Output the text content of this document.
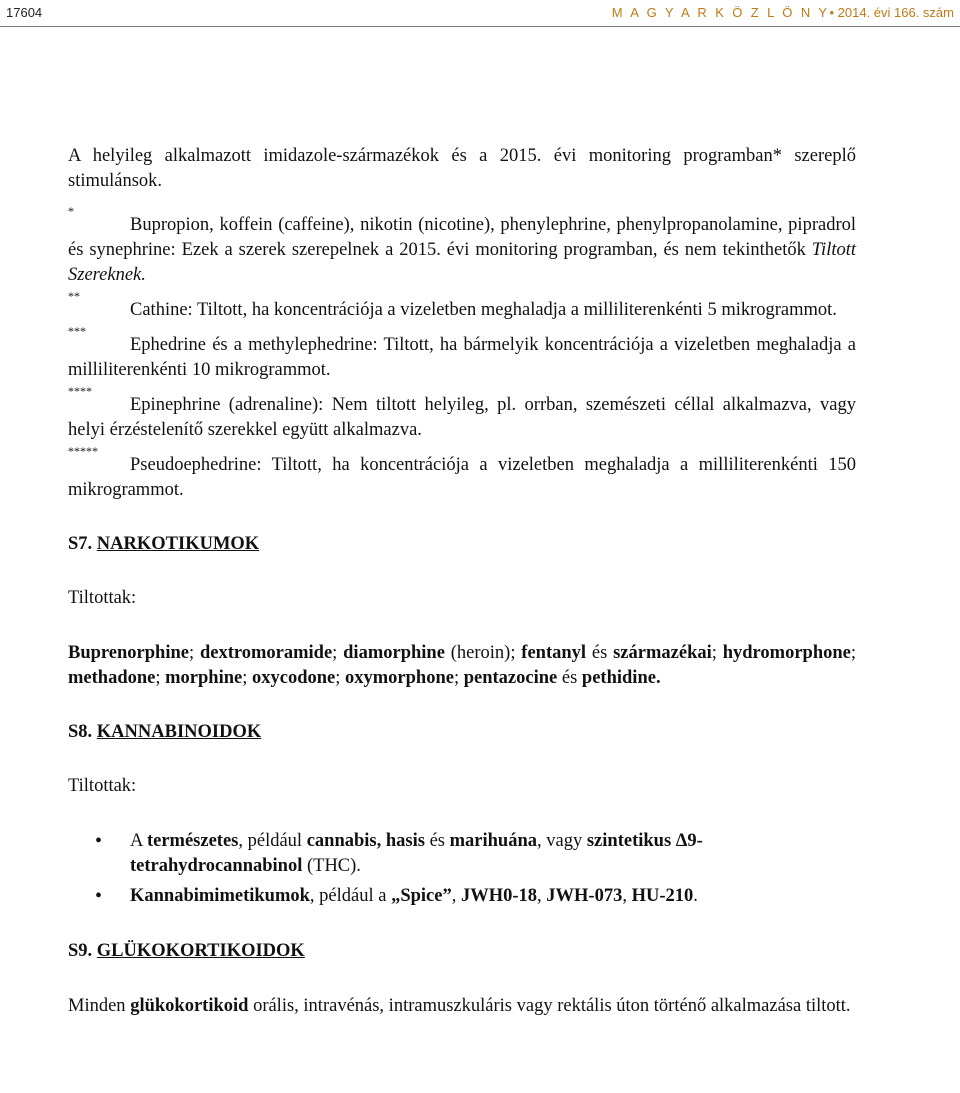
17604	M A G Y A R K Ö Z L Ö N Y• 2014. évi 166. szám

A helyileg alkalmazott imidazole-származékok és a 2015. évi monitoring programban* szereplő stimulánsok.

*
Bupropion, koffein (caffeine), nikotin (nicotine), phenylephrine, phenylpropanolamine, pipradrol és synephrine: Ezek a szerek szerepelnek a 2015. évi monitoring programban, és nem tekinthetők Tiltott Szereknek.

**
Cathine: Tiltott, ha koncentrációja a vizeletben meghaladja a milliliterenkénti 5 mikrogrammot.

***
Ephedrine és a methylephedrine: Tiltott, ha bármelyik koncentrációja a vizeletben meghaladja a milliliterenkénti 10 mikrogrammot.

****
Epinephrine (adrenaline): Nem tiltott helyileg, pl. orrban, szemészeti céllal alkalmazva, vagy helyi érzéstelenítő szerekkel együtt alkalmazva.

*****
Pseudoephedrine: Tiltott, ha koncentrációja a vizeletben meghaladja a milliliterenkénti 150 mikrogrammot.

S7. NARKOTIKUMOK

Tiltottak:

Buprenorphine; dextromoramide; diamorphine (heroin); fentanyl és származékai; hydromorphone; methadone; morphine; oxycodone; oxymorphone; pentazocine és pethidine.

S8. KANNABINOIDOK

Tiltottak:

• A természetes, például cannabis, hasis és marihuána, vagy szintetikus Δ9-tetrahydrocannabinol (THC).
• Kannabimimetikumok, például a „Spice”, JWH0-18, JWH-073, HU-210.
S9. GLÜKOKORTIKOIDOK

Minden glükokortikoid orális, intravénás, intramuszkuláris vagy rektális úton történő alkalmazása tiltott.
